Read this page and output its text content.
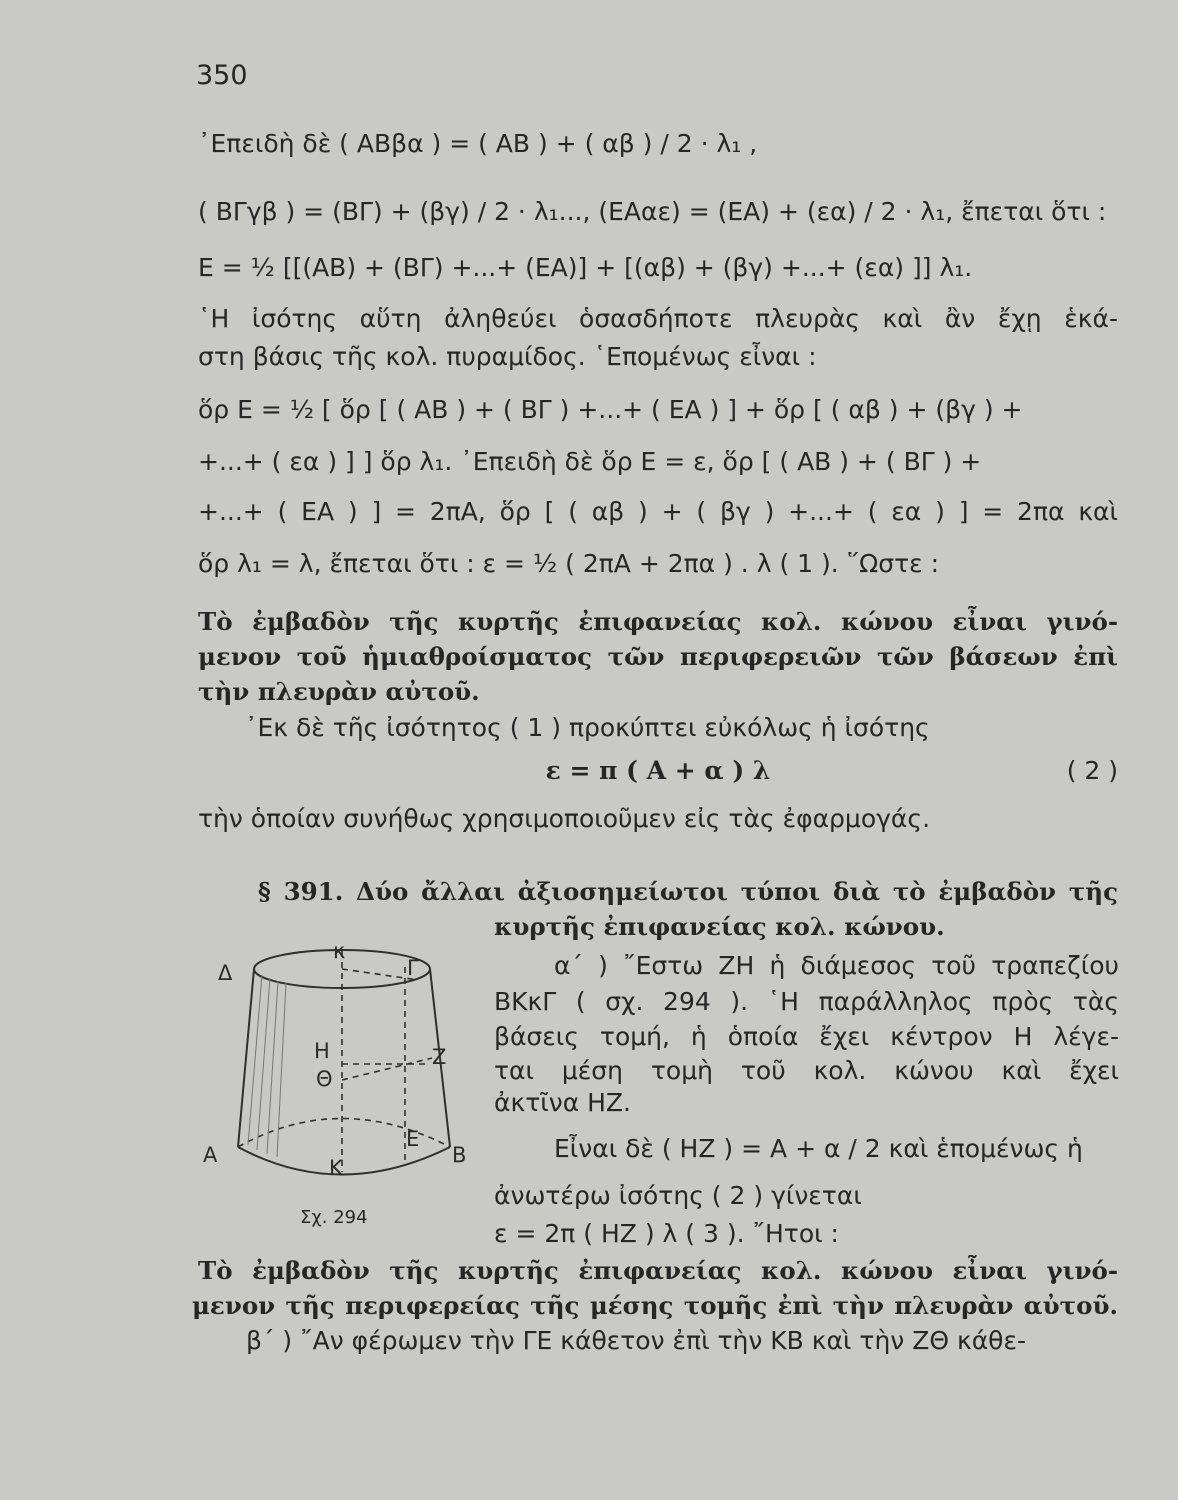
350
᾿Επειδὴ δὲ ( ΑΒβα ) = ( ΑΒ ) + ( αβ ) / 2 · λ₁ ,
( ΒΓγβ ) = (ΒΓ) + (βγ) / 2 · λ₁..., (ΕΑαε) = (ΕΑ) + (εα) / 2 · λ₁, ἔπεται ὅτι :
Ε = ½ [[(ΑΒ) + (ΒΓ) +...+ (ΕΑ)] + [(αβ) + (βγ) +...+ (εα) ]] λ₁.
῾Η ἰσότης αὕτη ἀληθεύει ὁσασδήποτε πλευρὰς καὶ ἂν ἔχῃ ἑκά-
στη βάσις τῆς κολ. πυραμίδος. ῾Επομένως εἶναι :
ὅρ Ε = ½ [ ὅρ [ ( ΑΒ ) + ( ΒΓ ) +...+ ( ΕΑ ) ] + ὅρ [ ( αβ ) + (βγ ) +
+...+ ( εα ) ] ] ὅρ λ₁. ᾿Επειδὴ δὲ ὅρ Ε = ε, ὅρ [ ( ΑΒ ) + ( ΒΓ ) +
+...+ ( ΕΑ ) ] = 2πΑ, ὅρ [ ( αβ ) + ( βγ ) +...+ ( εα ) ] = 2πα καὶ
ὅρ λ₁ = λ, ἔπεται ὅτι : ε = ½ ( 2πΑ + 2πα ) . λ ( 1 ). ῞Ωστε :
Τὸ ἐμβαδὸν τῆς κυρτῆς ἐπιφανείας κολ. κώνου εἶναι γινό-
μενον τοῦ ἡμιαθροίσματος τῶν περιφερειῶν τῶν βάσεων ἐπὶ
τὴν πλευρὰν αὐτοῦ.
᾿Εκ δὲ τῆς ἰσότητος ( 1 ) προκύπτει εὐκόλως ἡ ἰσότης
ε = π ( Α + α ) λ	( 2 )
τὴν ὁποίαν συνήθως χρησιμοποιοῦμεν εἰς τὰς ἐφαρμογάς.
§ 391. Δύο ἄλλαι ἀξιοσημείωτοι τύποι διὰ τὸ ἐμβαδὸν τῆς
κυρτῆς ἐπιφανείας κολ. κώνου.
α΄ ) ῎Εστω ΖΗ ἡ διάμεσος τοῦ τραπεζίου
ΒΚκΓ ( σχ. 294 ). ῾Η παράλληλος πρὸς τὰς
βάσεις τομή, ἡ ὁποία ἔχει κέντρον Η λέγε-
ται μέση τομὴ τοῦ κολ. κώνου καὶ ἔχει
ἀκτῖνα ΗΖ.
Εἶναι δὲ ( ΗΖ ) = Α + α / 2 καὶ ἑπομένως ἡ
ἀνωτέρω ἰσότης ( 2 ) γίνεται
ε = 2π ( ΗΖ ) λ ( 3 ). ῎Ητοι :
Τὸ ἐμβαδὸν τῆς κυρτῆς ἐπιφανείας κολ. κώνου εἶναι γινό-
μενον τῆς περιφερείας τῆς μέσης τομῆς ἐπὶ τὴν πλευρὰν αὐτοῦ.
β΄ ) ῎Αν φέρωμεν τὴν ΓΕ κάθετον ἐπὶ τὴν ΚΒ καὶ τὴν ΖΘ κάθε-
Δ
κ
Γ
Η	Ζ
Θ
Α
Κ
Ε
Β
Σχ. 294
